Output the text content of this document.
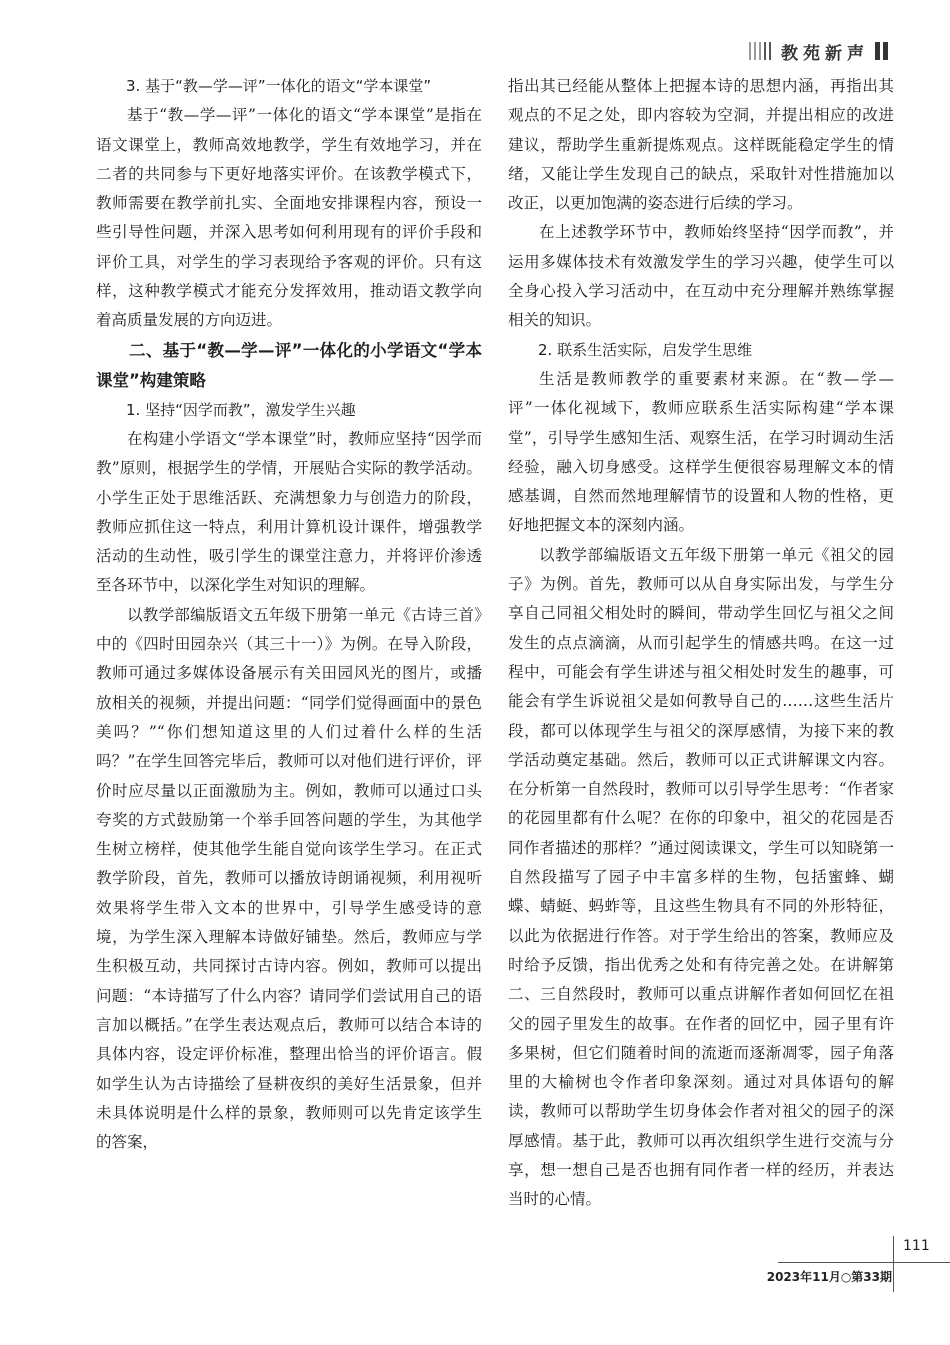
教苑新声

3. 基于“教—学—评”一体化的语文“学本课堂”

基于“教—学—评”一体化的语文“学本课堂”是指在语文课堂上，教师高效地教学，学生有效地学习，并在二者的共同参与下更好地落实评价。在该教学模式下，教师需要在教学前扎实、全面地安排课程内容，预设一些引导性问题，并深入思考如何利用现有的评价手段和评价工具，对学生的学习表现给予客观的评价。只有这样，这种教学模式才能充分发挥效用，推动语文教学向着高质量发展的方向迈进。

二、基于“教—学—评”一体化的小学语文“学本课堂”构建策略

1. 坚持“因学而教”，激发学生兴趣

在构建小学语文“学本课堂”时，教师应坚持“因学而教”原则，根据学生的学情，开展贴合实际的教学活动。小学生正处于思维活跃、充满想象力与创造力的阶段，教师应抓住这一特点，利用计算机设计课件，增强教学活动的生动性，吸引学生的课堂注意力，并将评价渗透至各环节中，以深化学生对知识的理解。

以教学部编版语文五年级下册第一单元《古诗三首》中的《四时田园杂兴（其三十一）》为例。在导入阶段，教师可通过多媒体设备展示有关田园风光的图片，或播放相关的视频，并提出问题：“同学们觉得画面中的景色美吗？”“你们想知道这里的人们过着什么样的生活吗？”在学生回答完毕后，教师可以对他们进行评价，评价时应尽量以正面激励为主。例如，教师可以通过口头夸奖的方式鼓励第一个举手回答问题的学生，为其他学生树立榜样，使其他学生能自觉向该学生学习。在正式教学阶段，首先，教师可以播放诗朗诵视频，利用视听效果将学生带入文本的世界中，引导学生感受诗的意境，为学生深入理解本诗做好铺垫。然后，教师应与学生积极互动，共同探讨古诗内容。例如，教师可以提出问题：“本诗描写了什么内容？请同学们尝试用自己的语言加以概括。”在学生表达观点后，教师可以结合本诗的具体内容，设定评价标准，整理出恰当的评价语言。假如学生认为古诗描绘了昼耕夜织的美好生活景象，但并未具体说明是什么样的景象，教师则可以先肯定该学生的答案，

指出其已经能从整体上把握本诗的思想内涵，再指出其观点的不足之处，即内容较为空洞，并提出相应的改进建议，帮助学生重新提炼观点。这样既能稳定学生的情绪，又能让学生发现自己的缺点，采取针对性措施加以改正，以更加饱满的姿态进行后续的学习。

在上述教学环节中，教师始终坚持“因学而教”，并运用多媒体技术有效激发学生的学习兴趣，使学生可以全身心投入学习活动中，在互动中充分理解并熟练掌握相关的知识。

2. 联系生活实际，启发学生思维

生活是教师教学的重要素材来源。在“教—学—评”一体化视域下，教师应联系生活实际构建“学本课堂”，引导学生感知生活、观察生活，在学习时调动生活经验，融入切身感受。这样学生便很容易理解文本的情感基调，自然而然地理解情节的设置和人物的性格，更好地把握文本的深刻内涵。

以教学部编版语文五年级下册第一单元《祖父的园子》为例。首先，教师可以从自身实际出发，与学生分享自己同祖父相处时的瞬间，带动学生回忆与祖父之间发生的点点滴滴，从而引起学生的情感共鸣。在这一过程中，可能会有学生讲述与祖父相处时发生的趣事，可能会有学生诉说祖父是如何教导自己的……这些生活片段，都可以体现学生与祖父的深厚感情，为接下来的教学活动奠定基础。然后，教师可以正式讲解课文内容。在分析第一自然段时，教师可以引导学生思考：“作者家的花园里都有什么呢？在你的印象中，祖父的花园是否同作者描述的那样？”通过阅读课文，学生可以知晓第一自然段描写了园子中丰富多样的生物，包括蜜蜂、蝴蝶、蜻蜓、蚂蚱等，且这些生物具有不同的外形特征，以此为依据进行作答。对于学生给出的答案，教师应及时给予反馈，指出优秀之处和有待完善之处。在讲解第二、三自然段时，教师可以重点讲解作者如何回忆在祖父的园子里发生的故事。在作者的回忆中，园子里有许多果树，但它们随着时间的流逝而逐渐凋零，园子角落里的大榆树也令作者印象深刻。通过对具体语句的解读，教师可以帮助学生切身体会作者对祖父的园子的深厚感情。基于此，教师可以再次组织学生进行交流与分享，想一想自己是否也拥有同作者一样的经历，并表达当时的心情。

111
2023年11月○第33期
